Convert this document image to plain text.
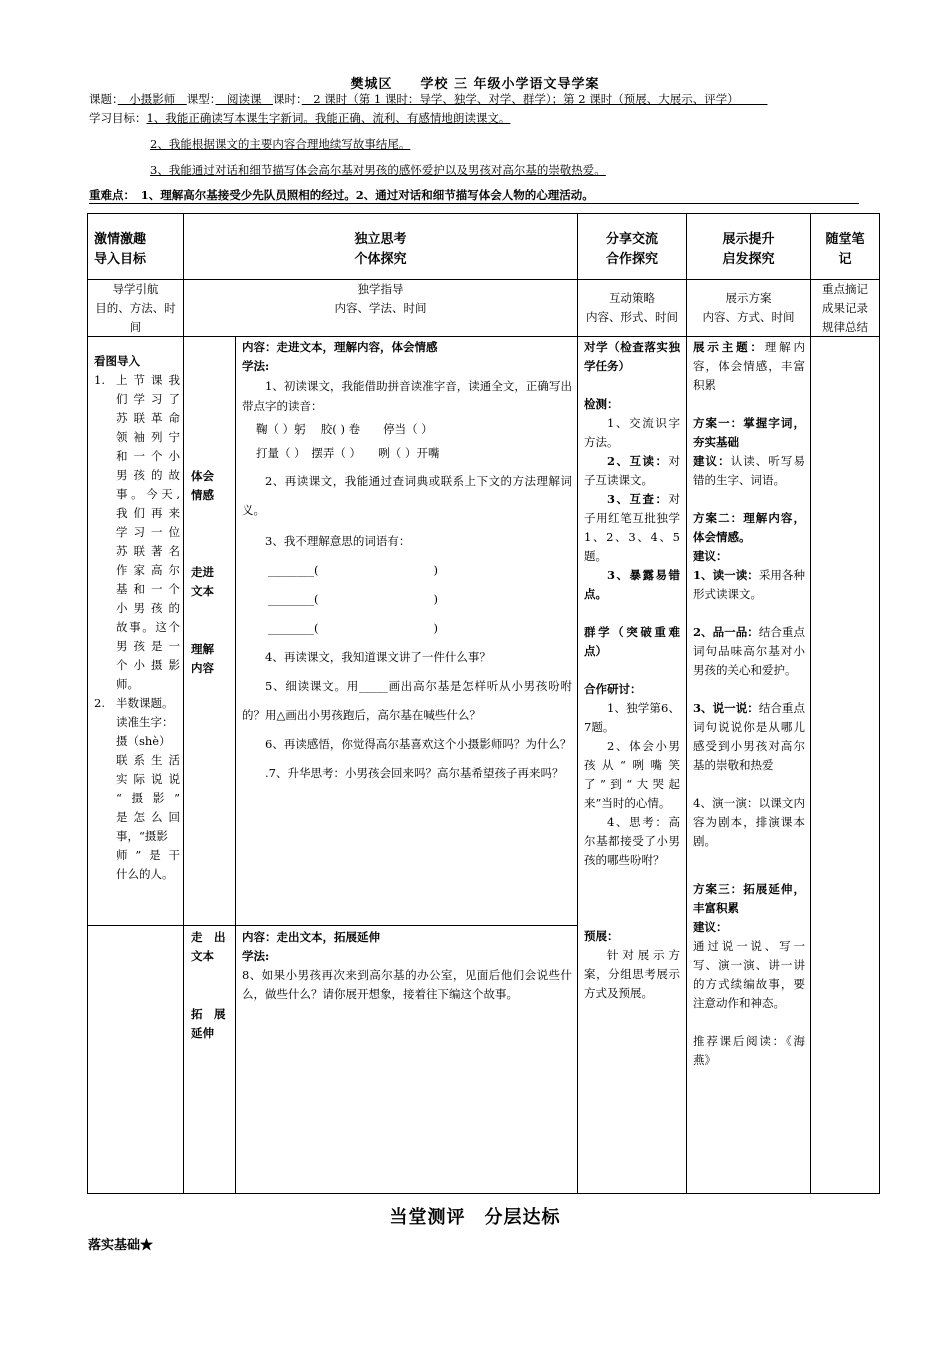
樊城区　　学校 三 年级小学语文导学案
课题：　小摄影师　课型：　阅读课　课时：　2 课时（第 1 课时：导学、独学、对学、群学）；第 2 课时（预展、大展示、评学）　　　
学习目标：1、我能正确读写本课生字新词。我能正确、流利、有感情地朗读课文。
2、我能根据课文的主要内容合理地续写故事结尾。
3、我能通过对话和细节描写体会高尔基对男孩的感怀爱护以及男孩对高尔基的崇敬热爱。
重难点：　1、理解高尔基接受少先队员照相的经过。2、通过对话和细节描写体会人物的心理活动。
激情激趣
导入目标
独立思考
个体探究
分享交流
合作探究
展示提升
启发探究
随堂笔
记
导学引航
目的、方法、时
间
独学指导
内容、学法、时间
互动策略
内容、形式、时间
展示方案
内容、方式、时间
重点摘记
成果记录
规律总结
看图导入
1. 上节课我
们学习了
苏联革命
领袖列宁
和一个小
男孩的故
事。今天,
我们再来
学习一位
苏联著名
作家高尔
基和一个
小男孩的
故事。这个
男孩是一
个小摄影
师。
2. 半数课题。
读准生字：
摄（shè）
联系生活
实际说说
“摄影”
是怎么回
事，“摄影
师”是干
什么的人。
体会
情感
走进
文本
理解
内容
内容：走进文本，理解内容，体会情感
学法:
1、初读课文，我能借助拼音读准字音，读通全文，正确写出带点字的读音：
鞠（ ）躬　 胶( ) 卷　　停当（ ）
打量（ ）　摆弄（ ）　　咧（ ）开嘴
2、再读课文，我能通过查词典或联系上下文的方法理解词义。
3、我不理解意思的词语有：
________(　　　　　　　　　　)
________(　　　　　　　　　　)
________(　　　　　　　　　　)
4、再读课文，我知道课文讲了一件什么事？
5、细读课文。用_____画出高尔基是怎样听从小男孩吩咐的？用△画出小男孩跑后，高尔基在喊些什么？
6、再读感悟，你觉得高尔基喜欢这个小摄影师吗？为什么？
.7、升华思考：小男孩会回来吗？高尔基希望孩子再来吗？
走　出
文本
拓　展
延伸
内容：走出文本，拓展延伸
学法:
8、如果小男孩再次来到高尔基的办公室，见面后他们会说些什么，做些什么？请你展开想象，接着往下编这个故事。
对学（检查落实独学任务）
检测：
1、交流识字方法。
2、互读：对子互读课文。
3、互查：对子用红笔互批独学1、2、3、4、5题。
3、暴露易错点。
群学（突破重难点）
合作研讨：
1、独学第6、7题。
2、体会小男孩从“咧嘴笑了”到“大哭起来”当时的心情。
4、思考：高尔基都接受了小男孩的哪些吩咐？
预展：
针对展示方案，分组思考展示方式及预展。
展示主题：理解内容，体会情感，丰富积累
方案一：掌握字词，夯实基础
建议：认读、听写易错的生字、词语。
方案二：理解内容，体会情感。
建议：
1、读一读：采用各种形式读课文。
2、品一品：结合重点词句品味高尔基对小男孩的关心和爱护。
3、说一说：结合重点词句说说你是从哪儿感受到小男孩对高尔基的崇敬和热爱
4、演一演：以课文内容为剧本，排演课本剧。
方案三：拓展延伸，丰富积累
建议：
通过说一说、写一写、演一演、讲一讲的方式续编故事，要注意动作和神态。
推荐课后阅读：《海燕》
当堂测评　分层达标
落实基础★
